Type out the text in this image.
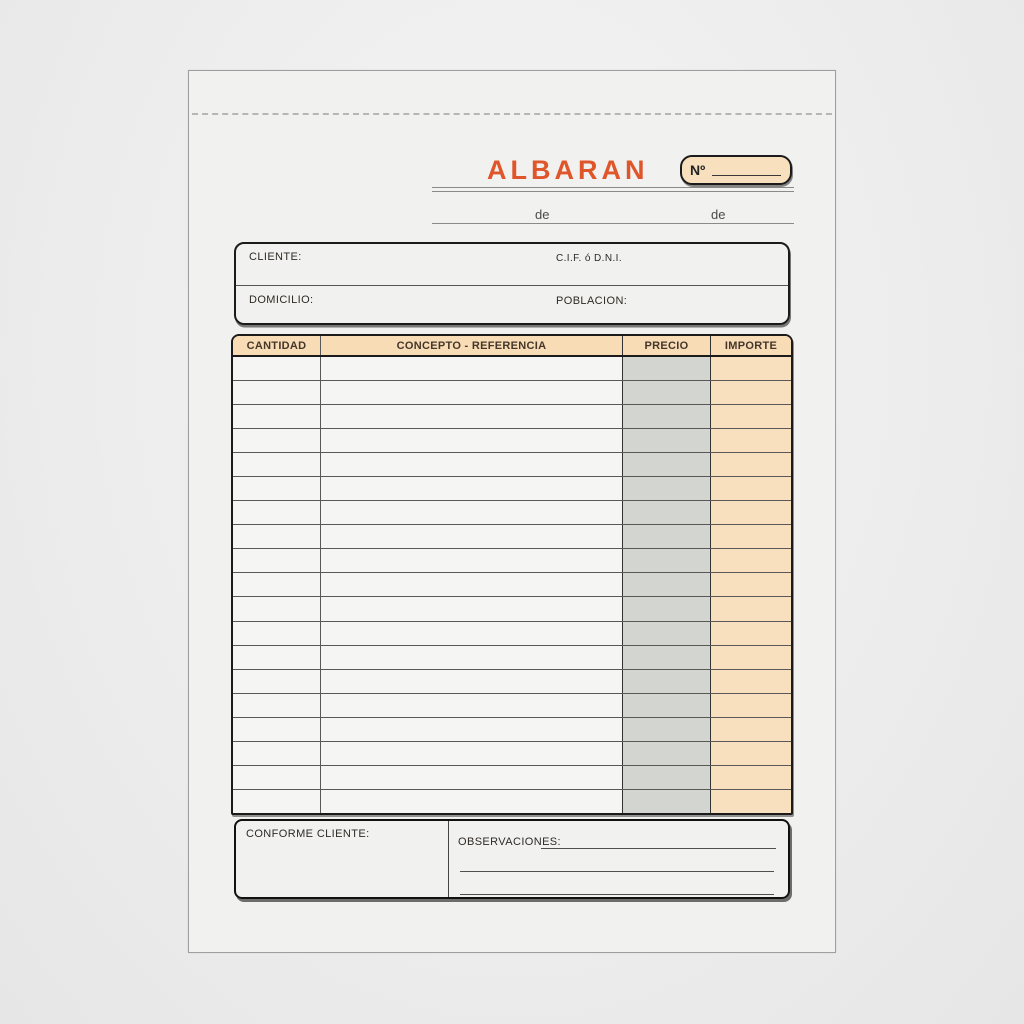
ALBARAN	Nº
de	de
CLIENTE:	C.I.F. ó D.N.I.
DOMICILIO:	POBLACION:
CANTIDAD	CONCEPTO - REFERENCIA	PRECIO	IMPORTE
CONFORME CLIENTE:
OBSERVACIONES:
